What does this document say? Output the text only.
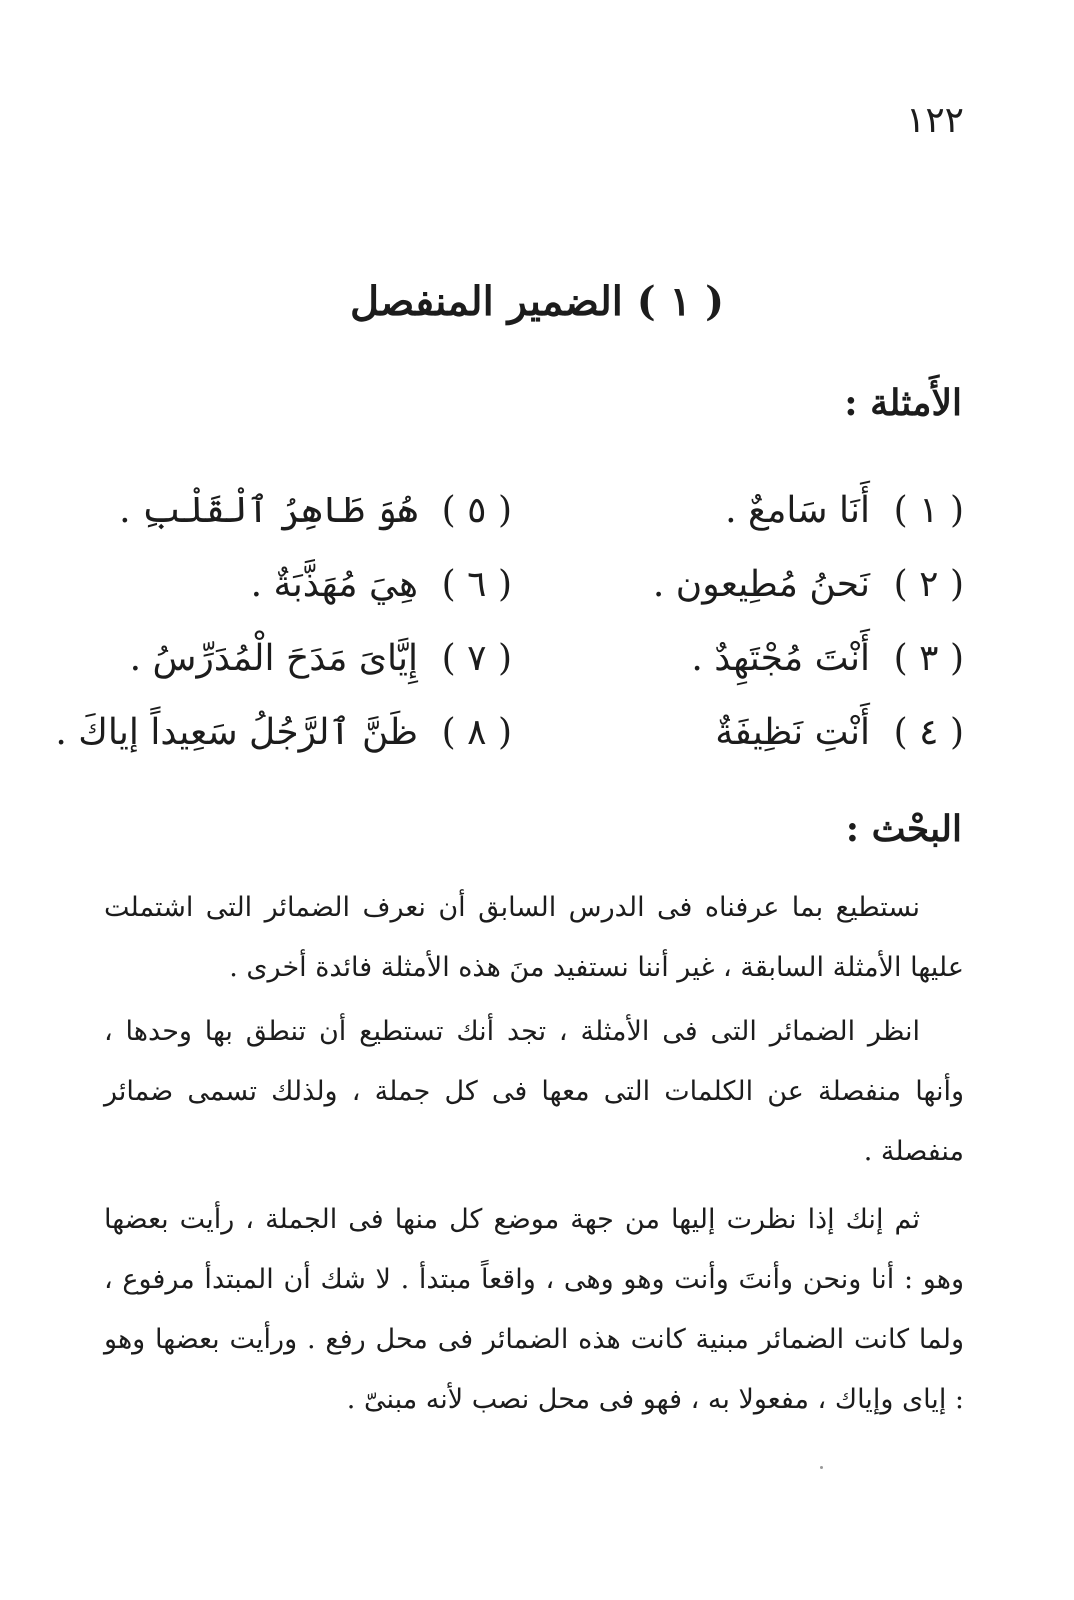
١٢٢
( ١ ) الضمير المنفصل
الأَمثلة :
( ١ )أَنَا سَامعٌ .
( ٢ )نَحنُ مُطِيعون .
( ٣ )أَنْتَ مُجْتَهِدٌ .
( ٤ )أَنْتِ نَظِيفَةٌ
( ٥ )هُوَ طَاهِرُ ٱلْقَلْبِ .
( ٦ )هِيَ مُهَذَّبَةٌ .
( ٧ )إِيَّاىَ مَدَحَ الْمُدَرِّسُ .
( ٨ )ظَنَّ ٱلرَّجُلُ سَعِيداً إياكَ .
البحْث :

نستطيع بما عرفناه فى الدرس السابق أن نعرف الضمائر التى اشتملت عليها الأمثلة السابقة ، غير أننا نستفيد منَ هذه الأمثلة فائدة أخرى .

انظر الضمائر التى فى الأمثلة ، تجد أنك تستطيع أن تنطق بها وحدها ، وأنها منفصلة عن الكلمات التى معها فى كل جملة ، ولذلك تسمى ضمائر منفصلة .

ثم إنك إذا نظرت إليها من جهة موضع كل منها فى الجملة ، رأيت بعضها وهو : أنا ونحن وأنتَ وأنت وهو وهى ، واقعاً مبتدأ . لا شك أن المبتدأ مرفوع ، ولما كانت الضمائر مبنية كانت هذه الضمائر فى محل رفع . ورأيت بعضها وهو : إياى وإياك ، مفعولا به ، فهو فى محل نصب لأنه مبنىّ .
